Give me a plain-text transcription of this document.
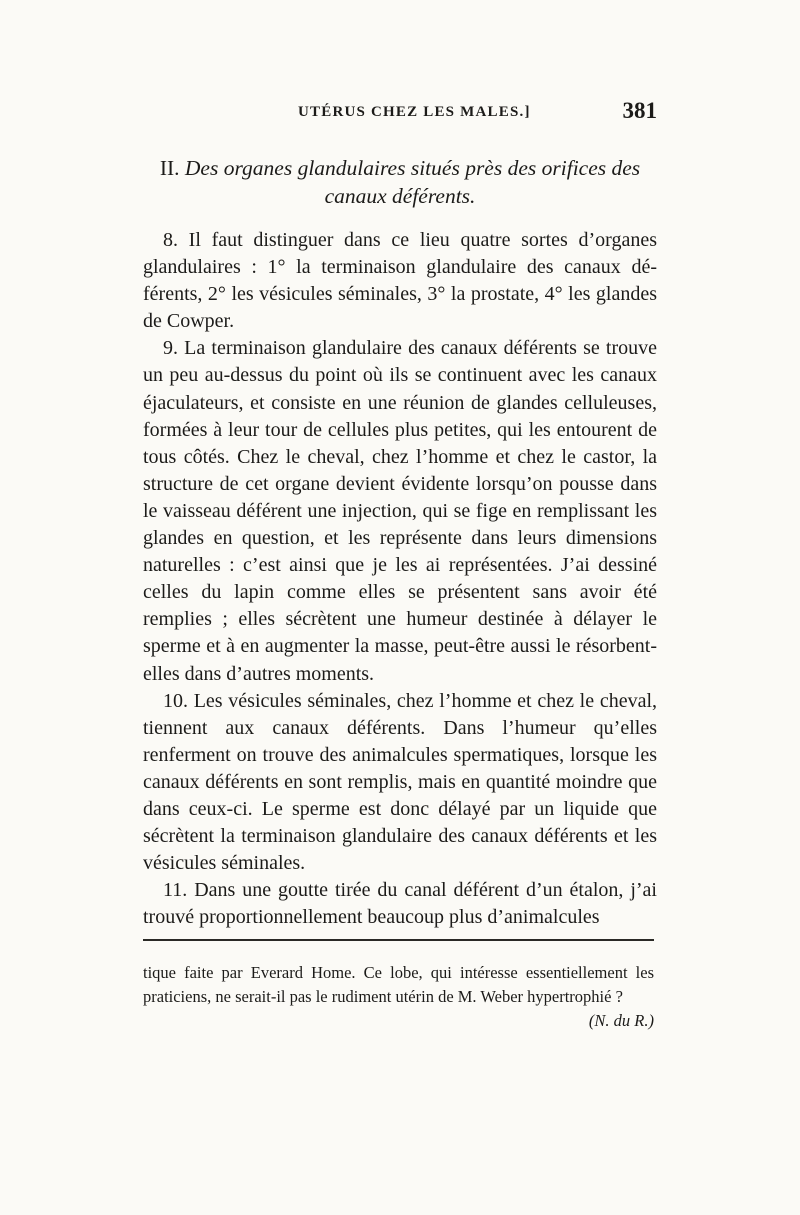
UTÉRUS CHEZ LES MALES.]	381
II. Des organes glandulaires situés près des orifices des canaux déférents.

8. Il faut distinguer dans ce lieu quatre sortes d’organes glandulaires : 1° la terminaison glandulaire des canaux déférents, 2° les vésicules séminales, 3° la prostate, 4° les glandes de Cowper.

9. La terminaison glandulaire des canaux déférents se trouve un peu au-dessus du point où ils se continuent avec les canaux éjaculateurs, et consiste en une réunion de glandes celluleuses, formées à leur tour de cellules plus petites, qui les entourent de tous côtés. Chez le cheval, chez l’homme et chez le castor, la structure de cet organe devient évidente lorsqu’on pousse dans le vaisseau déférent une injection, qui se fige en remplissant les glandes en question, et les représente dans leurs dimensions naturelles : c’est ainsi que je les ai représentées. J’ai dessiné celles du lapin comme elles se présentent sans avoir été remplies ; elles sécrètent une humeur destinée à délayer le sperme et à en augmenter la masse, peut-être aussi le résorbent-elles dans d’autres moments.

10. Les vésicules séminales, chez l’homme et chez le cheval, tiennent aux canaux déférents. Dans l’humeur qu’elles renferment on trouve des animalcules spermatiques, lorsque les canaux déférents en sont remplis, mais en quantité moindre que dans ceux-ci. Le sperme est donc délayé par un liquide que sécrètent la terminaison glandulaire des canaux déférents et les vésicules séminales.

11. Dans une goutte tirée du canal déférent d’un étalon, j’ai trouvé proportionnellement beaucoup plus d’animalcules

tique faite par Everard Home. Ce lobe, qui intéresse essentiellement les praticiens, ne serait-il pas le rudiment utérin de M. Weber hypertrophié ?
(N. du R.)
